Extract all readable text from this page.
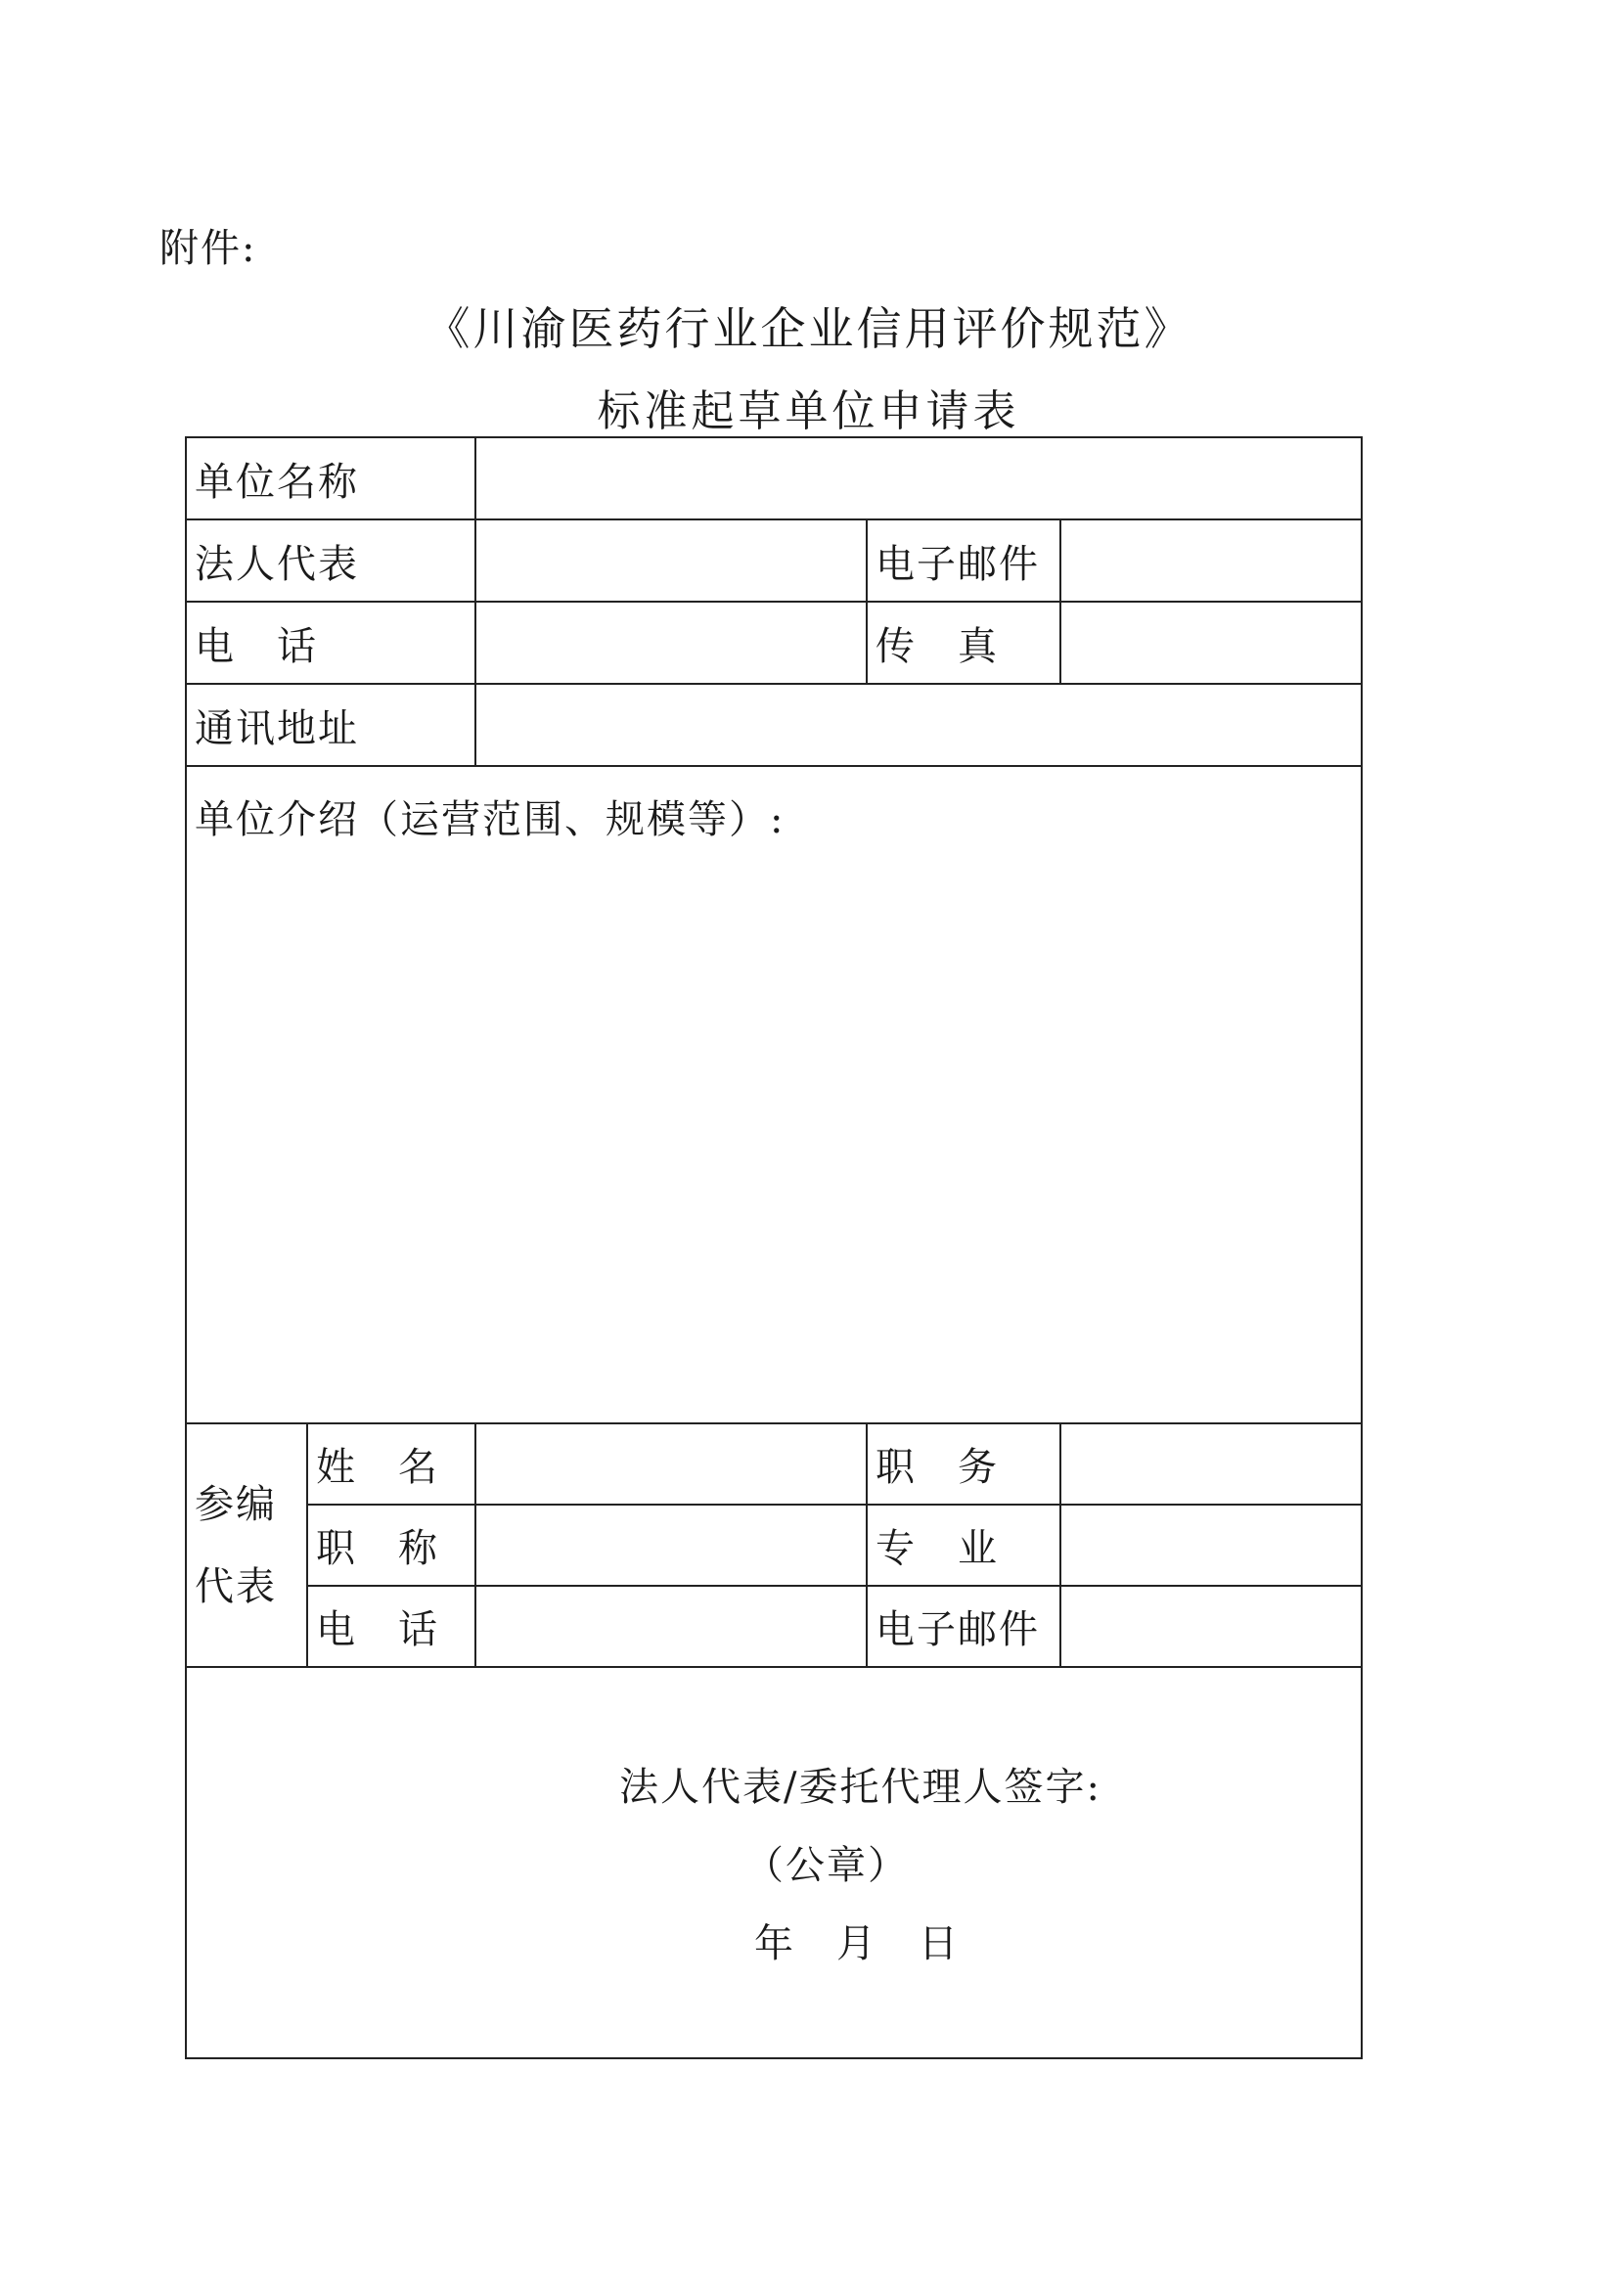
附件:
《川渝医药行业企业信用评价规范》
标准起草单位申请表
单位名称				
法人代表			电子邮件	
电　话			传　真	
通讯地址				
单位介绍（运营范围、规模等）:				
参编代表	姓　名		职　务	
	职　称		专　业	
	电　话		电子邮件	

法人代表/委托代理人签字:
（公章）
年　月　日				
